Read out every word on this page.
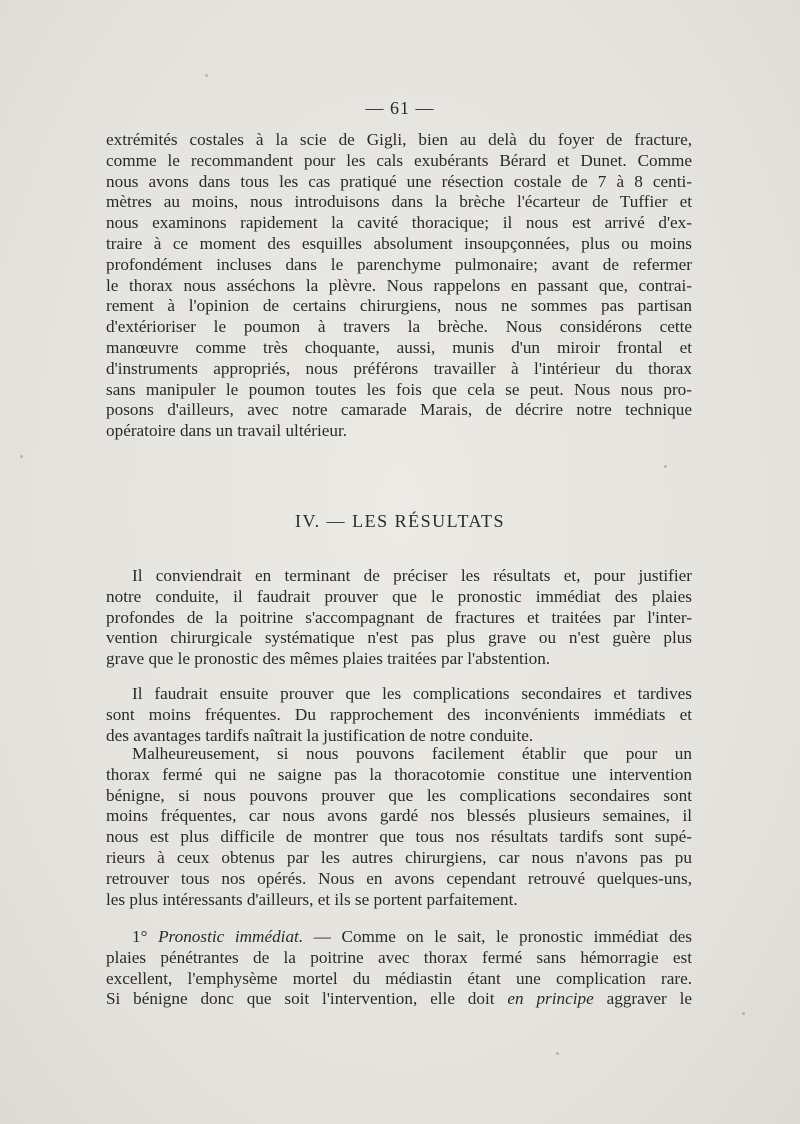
— 61 —
extrémités costales à la scie de Gigli, bien au delà du foyer de fracture,
comme le recommandent pour les cals exubérants Bérard et Dunet. Comme
nous avons dans tous les cas pratiqué une résection costale de 7 à 8 centi-
mètres au moins, nous introduisons dans la brèche l'écarteur de Tuffier et
nous examinons rapidement la cavité thoracique; il nous est arrivé d'ex-
traire à ce moment des esquilles absolument insoupçonnées, plus ou moins
profondément incluses dans le parenchyme pulmonaire; avant de refermer
le thorax nous asséchons la plèvre. Nous rappelons en passant que, contrai-
rement à l'opinion de certains chirurgiens, nous ne sommes pas partisan
d'extérioriser le poumon à travers la brèche. Nous considérons cette
manœuvre comme très choquante, aussi, munis d'un miroir frontal et
d'instruments appropriés, nous préférons travailler à l'intérieur du thorax
sans manipuler le poumon toutes les fois que cela se peut. Nous nous pro-
posons d'ailleurs, avec notre camarade Marais, de décrire notre technique
opératoire dans un travail ultérieur.
IV. — LES RÉSULTATS
Il conviendrait en terminant de préciser les résultats et, pour justifier
notre conduite, il faudrait prouver que le pronostic immédiat des plaies
profondes de la poitrine s'accompagnant de fractures et traitées par l'inter-
vention chirurgicale systématique n'est pas plus grave ou n'est guère plus
grave que le pronostic des mêmes plaies traitées par l'abstention.
Il faudrait ensuite prouver que les complications secondaires et tardives
sont moins fréquentes. Du rapprochement des inconvénients immédiats et
des avantages tardifs naîtrait la justification de notre conduite.
Malheureusement, si nous pouvons facilement établir que pour un
thorax fermé qui ne saigne pas la thoracotomie constitue une intervention
bénigne, si nous pouvons prouver que les complications secondaires sont
moins fréquentes, car nous avons gardé nos blessés plusieurs semaines, il
nous est plus difficile de montrer que tous nos résultats tardifs sont supé-
rieurs à ceux obtenus par les autres chirurgiens, car nous n'avons pas pu
retrouver tous nos opérés. Nous en avons cependant retrouvé quelques-uns,
les plus intéressants d'ailleurs, et ils se portent parfaitement.
1° Pronostic immédiat. — Comme on le sait, le pronostic immédiat des
plaies pénétrantes de la poitrine avec thorax fermé sans hémorragie est
excellent, l'emphysème mortel du médiastin étant une complication rare.
Si bénigne donc que soit l'intervention, elle doit en principe aggraver le
